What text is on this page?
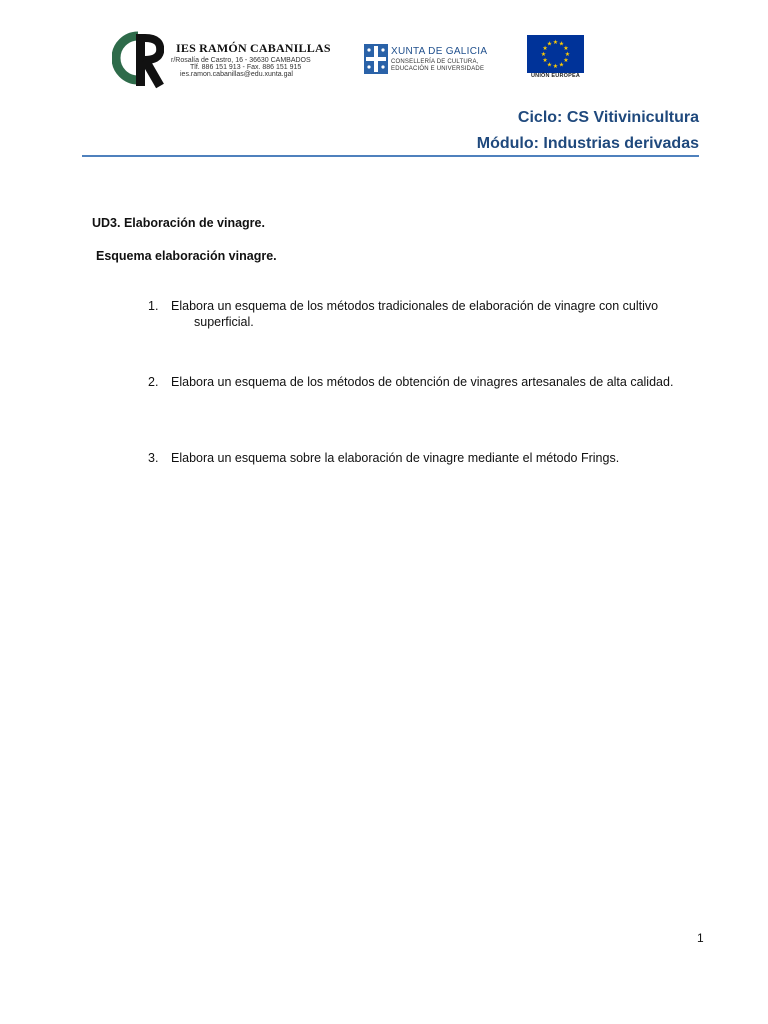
IES RAMÓN CABANILLAS
r/Rosalía de Castro, 16 - 36630 CAMBADOS
Tlf. 886 151 913 - Fax. 886 151 915
ies.ramon.cabanillas@edu.xunta.gal
XUNTA DE GALICIA
CONSELLERÍA DE CULTURA,
EDUCACIÓN E UNIVERSIDADE
★ ★
★
★
★
★
★
★
★
★
★
★
UNIÓN EUROPEA
Ciclo: CS Vitivinicultura
Módulo: Industrias derivadas
UD3. Elaboración de vinagre.
Esquema elaboración vinagre.
1. Elabora un esquema de los métodos tradicionales de elaboración de vinagre con cultivo
superficial.
2. Elabora un esquema de los métodos de obtención de vinagres artesanales de alta calidad.
3. Elabora un esquema sobre la elaboración de vinagre mediante el método Frings.
1
